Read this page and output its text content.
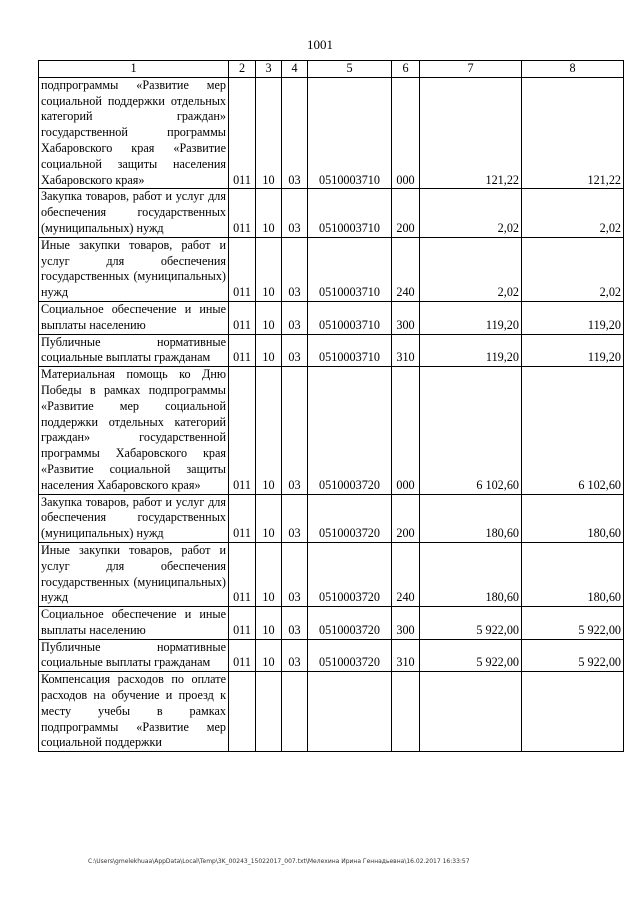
1001
1	2	3	4	5	6	7	8
подпрограммы «Развитие мер социальной поддержки отдельных категорий граждан» государственной программы Хабаровского края «Развитие социальной защиты населения Хабаровского края»	011	10	03	0510003710	000	121,22	121,22
Закупка товаров, работ и услуг для обеспечения государственных (муниципальных) нужд	011	10	03	0510003710	200	2,02	2,02
Иные закупки товаров, работ и услуг для обеспечения государственных (муниципальных) нужд	011	10	03	0510003710	240	2,02	2,02
Социальное обеспечение и иные выплаты населению	011	10	03	0510003710	300	119,20	119,20
Публичные нормативные социальные выплаты гражданам	011	10	03	0510003710	310	119,20	119,20
Материальная помощь ко Дню Победы в рамках подпрограммы «Развитие мер социальной поддержки отдельных категорий граждан» государственной программы Хабаровского края «Развитие социальной защиты населения Хабаровского края»	011	10	03	0510003720	000	6 102,60	6 102,60
Закупка товаров, работ и услуг для обеспечения государственных (муниципальных) нужд	011	10	03	0510003720	200	180,60	180,60
Иные закупки товаров, работ и услуг для обеспечения государственных (муниципальных) нужд	011	10	03	0510003720	240	180,60	180,60
Социальное обеспечение и иные выплаты населению	011	10	03	0510003720	300	5 922,00	5 922,00
Публичные нормативные социальные выплаты гражданам	011	10	03	0510003720	310	5 922,00	5 922,00
Компенсация расходов по оплате расходов на обучение и проезд к месту учебы в рамках подпрограммы «Развитие мер социальной поддержки							
C:\Users\gmelekhuaa\AppData\Local\Temp\3K_00243_15022017_007.txt\Мелехина Ирина Геннадьевна\16.02.2017 16:33:57
